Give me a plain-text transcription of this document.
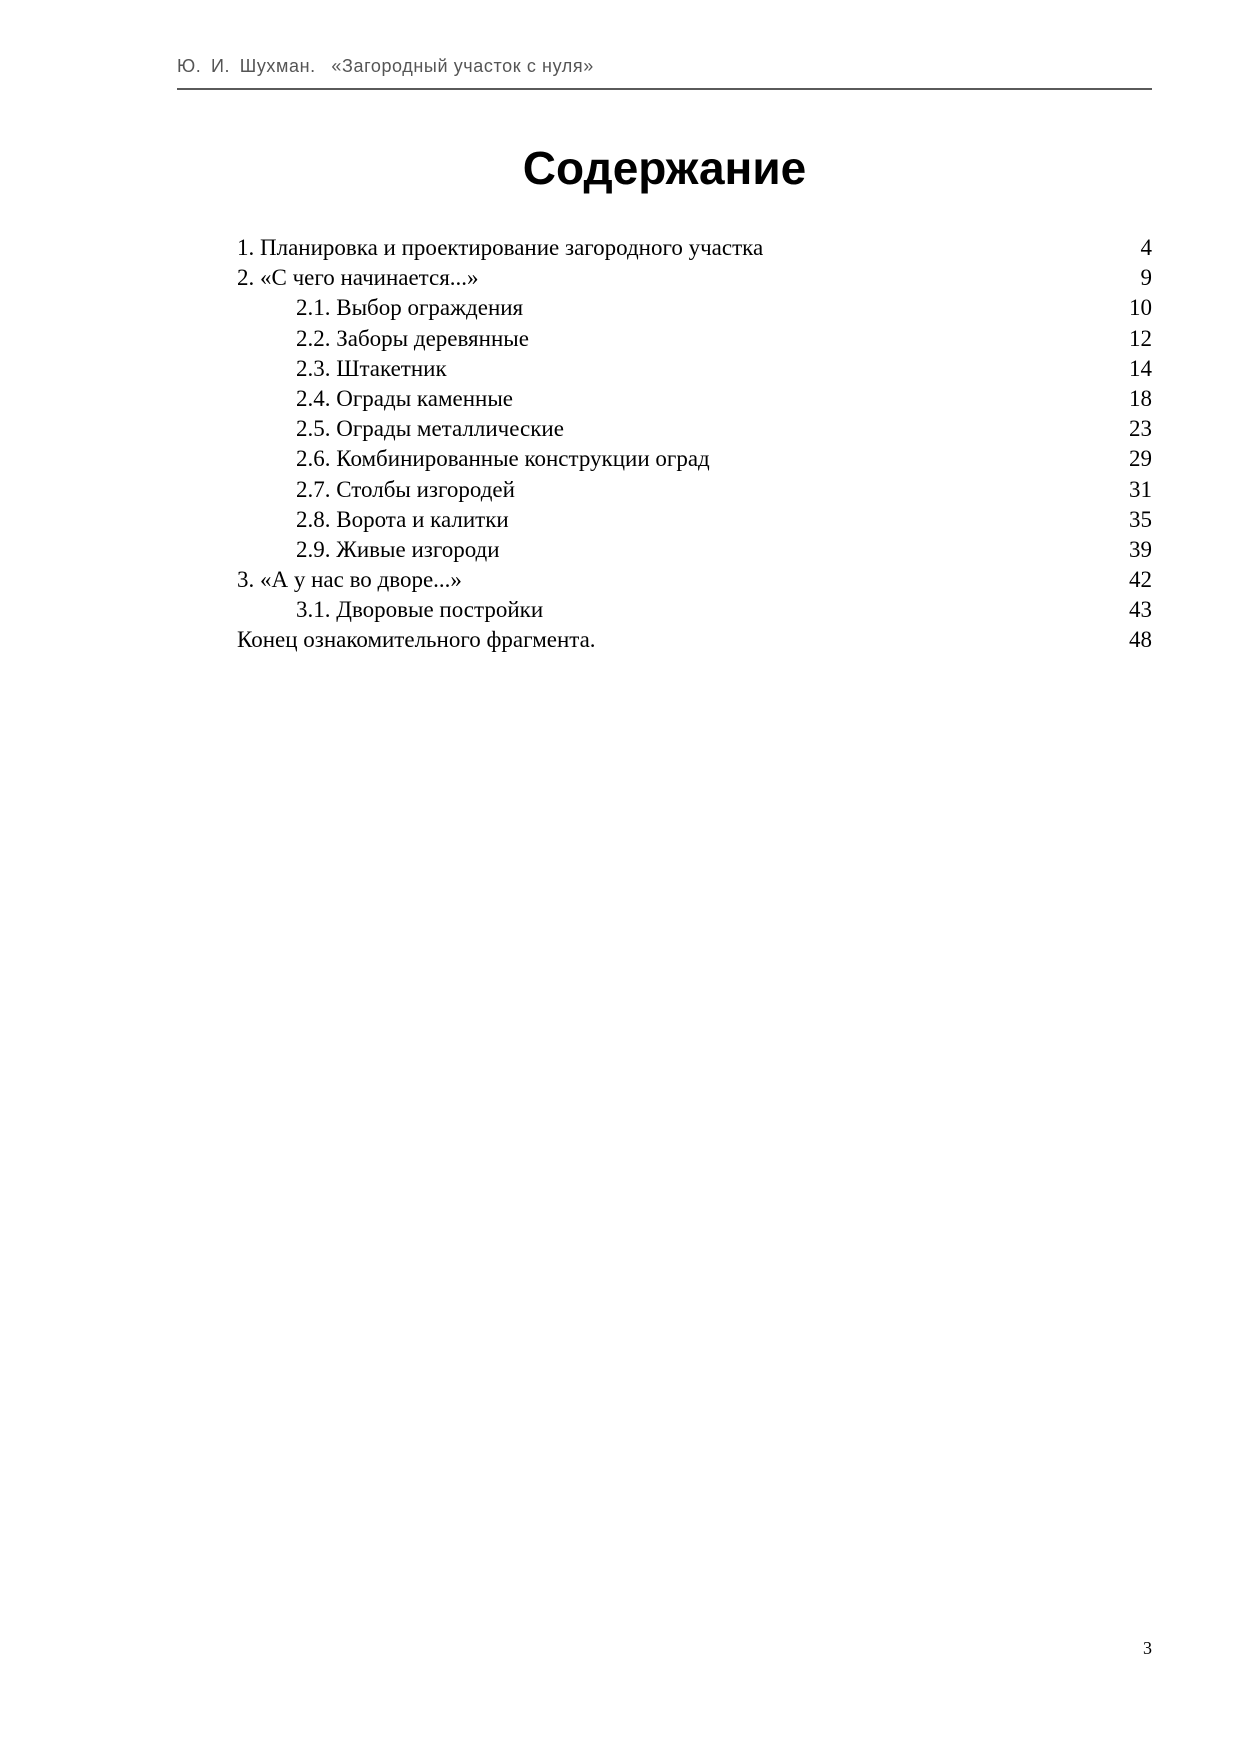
Ю. И. Шухман. «Загородный участок с нуля»
Содержание
1. Планировка и проектирование загородного участка	4
2. «С чего начинается...»	9
2.1. Выбор ограждения	10
2.2. Заборы деревянные	12
2.3. Штакетник	14
2.4. Ограды каменные	18
2.5. Ограды металлические	23
2.6. Комбинированные конструкции оград	29
2.7. Столбы изгородей	31
2.8. Ворота и калитки	35
2.9. Живые изгороди	39
3. «А у нас во дворе...»	42
3.1. Дворовые постройки	43
Конец ознакомительного фрагмента.	48
3
